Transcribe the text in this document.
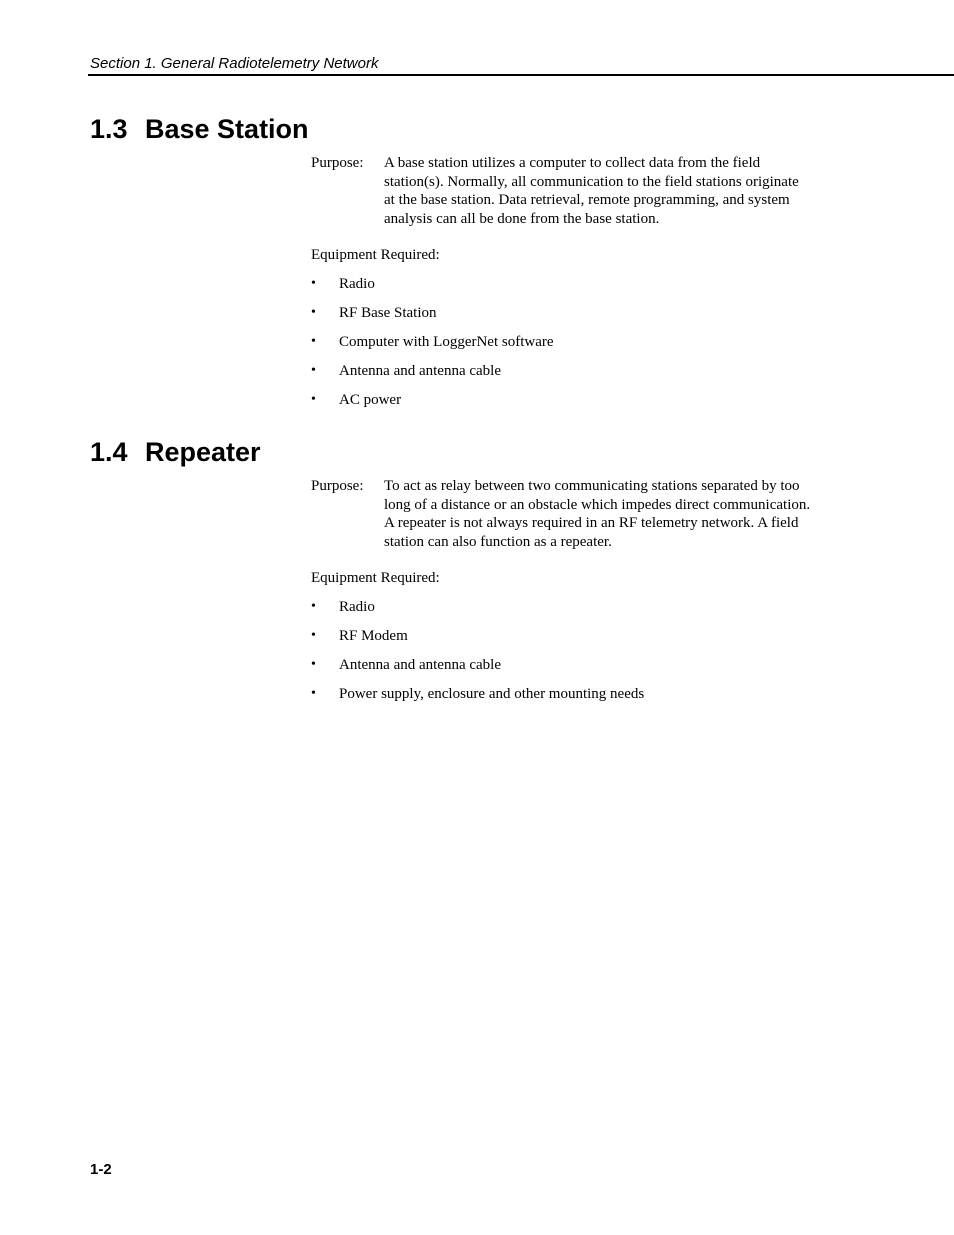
Section 1. General Radiotelemetry Network
1.3 Base Station
Purpose:	A base station utilizes a computer to collect data from the field station(s). Normally, all communication to the field stations originate at the base station. Data retrieval, remote programming, and system analysis can all be done from the base station.
Equipment Required:
•	Radio
•	RF Base Station
•	Computer with LoggerNet software
•	Antenna and antenna cable
•	AC power
1.4 Repeater
Purpose:	To act as relay between two communicating stations separated by too long of a distance or an obstacle which impedes direct communication. A repeater is not always required in an RF telemetry network. A field station can also function as a repeater.
Equipment Required:
•	Radio
•	RF Modem
•	Antenna and antenna cable
•	Power supply, enclosure and other mounting needs
1-2
